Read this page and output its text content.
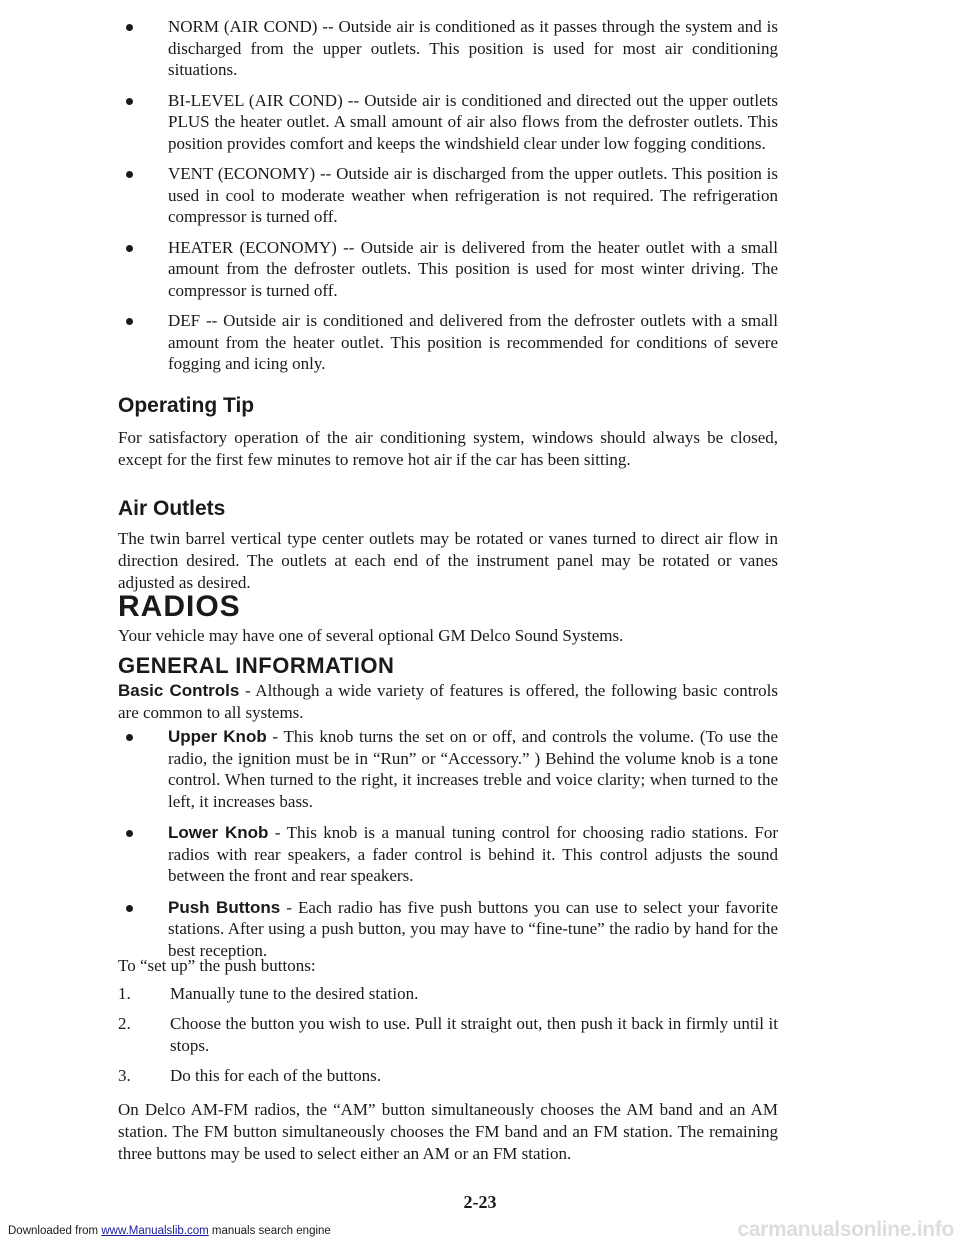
NORM (AIR COND) -- Outside air is conditioned as it passes through the system and is discharged from the upper outlets. This position is used for most air conditioning situations.
BI-LEVEL (AIR COND) -- Outside air is conditioned and directed out the upper outlets PLUS the heater outlet. A small amount of air also flows from the defroster outlets. This position provides comfort and keeps the windshield clear under low fogging conditions.
VENT (ECONOMY) -- Outside air is discharged from the upper outlets. This position is used in cool to moderate weather when refrigeration is not required. The refrigeration compressor is turned off.
HEATER (ECONOMY) -- Outside air is delivered from the heater outlet with a small amount from the defroster outlets. This position is used for most winter driving. The compressor is turned off.
DEF -- Outside air is conditioned and delivered from the defroster outlets with a small amount from the heater outlet. This position is recommended for conditions of severe fogging and icing only.
Operating Tip
For satisfactory operation of the air conditioning system, windows should always be closed, except for the first few minutes to remove hot air if the car has been sitting.
Air Outlets
The twin barrel vertical type center outlets may be rotated or vanes turned to direct air flow in direction desired. The outlets at each end of the instrument panel may be rotated or vanes adjusted as desired.
RADIOS
Your vehicle may have one of several optional GM Delco Sound Systems.
GENERAL INFORMATION
Basic Controls - Although a wide variety of features is offered, the following basic controls are common to all systems.
Upper Knob - This knob turns the set on or off, and controls the volume. (To use the radio, the ignition must be in “Run” or “Accessory.” ) Behind the volume knob is a tone control. When turned to the right, it increases treble and voice clarity; when turned to the left, it increases bass.
Lower Knob - This knob is a manual tuning control for choosing radio stations. For radios with rear speakers, a fader control is behind it. This control adjusts the sound between the front and rear speakers.
Push Buttons - Each radio has five push buttons you can use to select your favorite stations. After using a push button, you may have to “fine-tune” the radio by hand for the best reception.
To “set up” the push buttons:
1. Manually tune to the desired station.
2. Choose the button you wish to use. Pull it straight out, then push it back in firmly until it stops.
3. Do this for each of the buttons.
On Delco AM-FM radios, the “AM” button simultaneously chooses the AM band and an AM station. The FM button simultaneously chooses the FM band and an FM station. The remaining three buttons may be used to select either an AM or an FM station.
2-23
Downloaded from www.Manualslib.com manuals search engine	carmanualsonline.info
